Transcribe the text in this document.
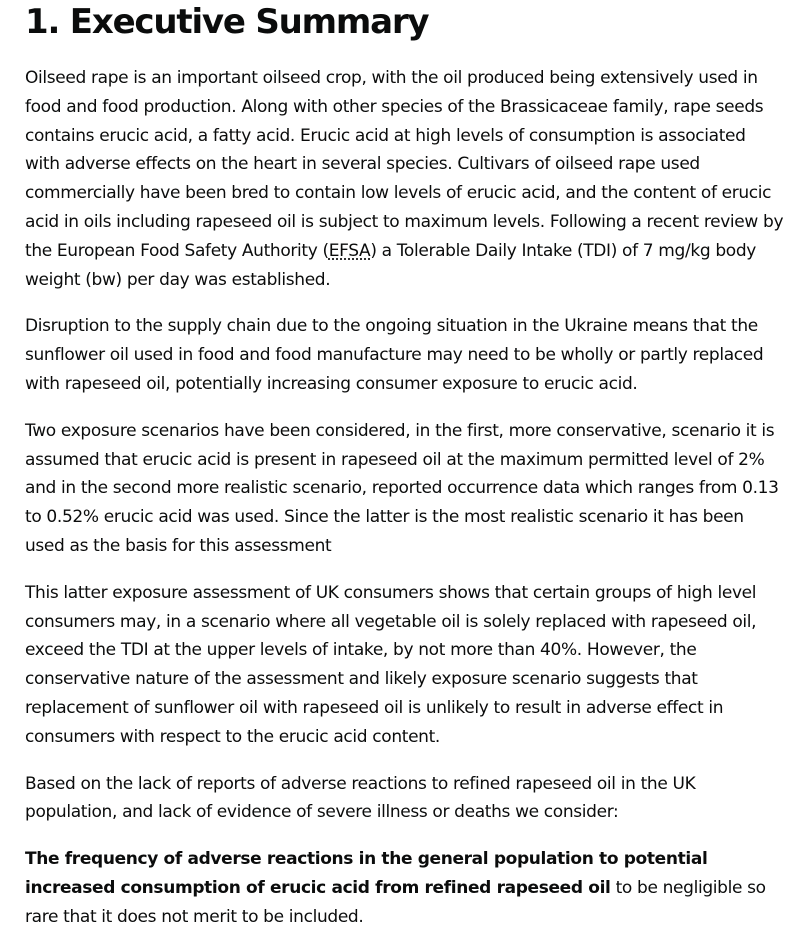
1. Executive Summary

Oilseed rape is an important oilseed crop, with the oil produced being extensively used in food and food production. Along with other species of the Brassicaceae family, rape seeds contains erucic acid, a fatty acid. Erucic acid at high levels of consumption is associated with adverse effects on the heart in several species. Cultivars of oilseed rape used commercially have been bred to contain low levels of erucic acid, and the content of erucic acid in oils including rapeseed oil is subject to maximum levels. Following a recent review by the European Food Safety Authority (EFSA) a Tolerable Daily Intake (TDI) of 7 mg/kg body weight (bw) per day was established.

Disruption to the supply chain due to the ongoing situation in the Ukraine means that the sunflower oil used in food and food manufacture may need to be wholly or partly replaced with rapeseed oil, potentially increasing consumer exposure to erucic acid.

Two exposure scenarios have been considered, in the first, more conservative, scenario it is assumed that erucic acid is present in rapeseed oil at the maximum permitted level of 2% and in the second more realistic scenario, reported occurrence data which ranges from 0.13 to 0.52% erucic acid was used. Since the latter is the most realistic scenario it has been used as the basis for this assessment

This latter exposure assessment of UK consumers shows that certain groups of high level consumers may, in a scenario where all vegetable oil is solely replaced with rapeseed oil, exceed the TDI at the upper levels of intake, by not more than 40%. However, the conservative nature of the assessment and likely exposure scenario suggests that replacement of sunflower oil with rapeseed oil is unlikely to result in adverse effect in consumers with respect to the erucic acid content.

Based on the lack of reports of adverse reactions to refined rapeseed oil in the UK population, and lack of evidence of severe illness or deaths we consider:

The frequency of adverse reactions in the general population to potential increased consumption of erucic acid from refined rapeseed oil to be negligible so rare that it does not merit to be included.
